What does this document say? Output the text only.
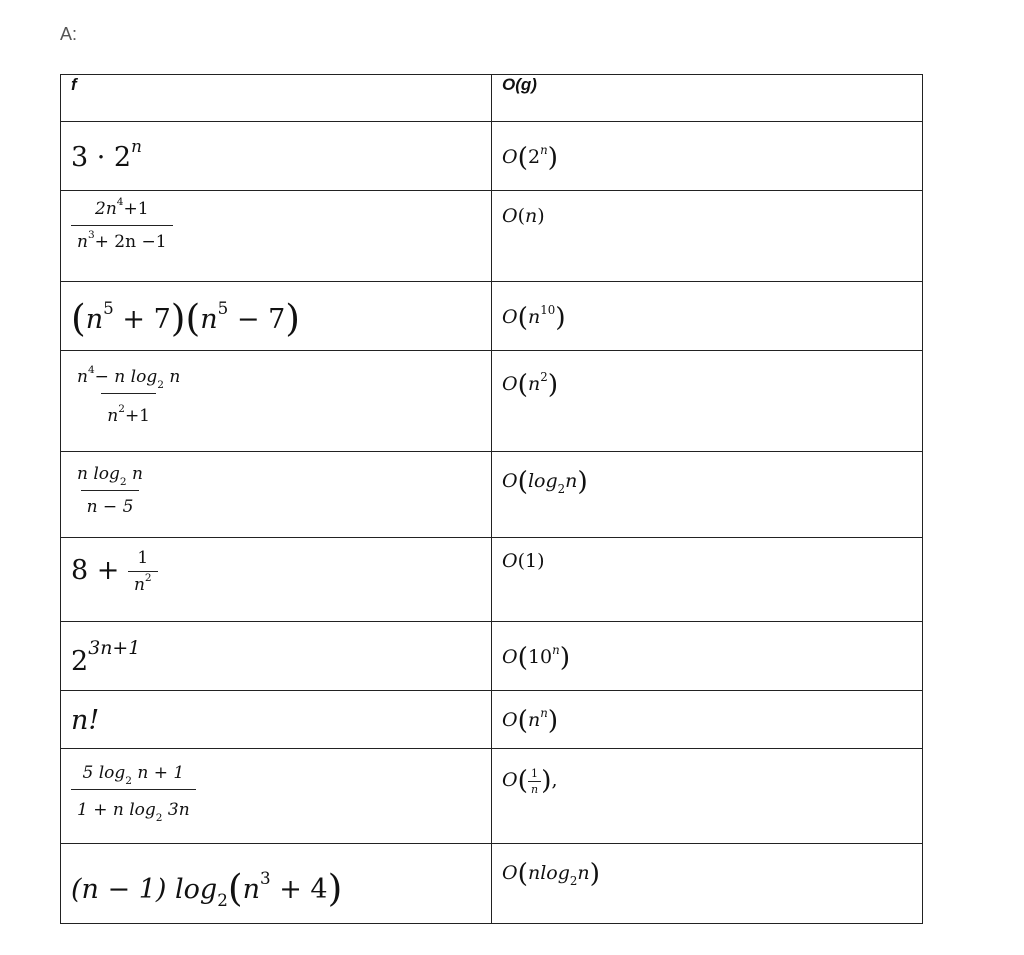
A:
f	O(g)

$3 \cdot 2^n$	O(2$^n$)

$\frac{2n^4+1}{n^3+ 2n -1}$	O(n)

$(n^5 + 7)(n^5 - 7)$	$O(n^{10})$

$\frac{n^4- n \log_2 n}{n^2+1}$	$O(n^2)$

$\frac{n \log_2 n}{n - 5}$	$O(\log_2n)$

$8 + \frac{1}{n^2}$	O(1)

$2^{3n+1}$	O(10$^n$)

n!	$O(n^n)$

$\frac{5 \log_2 n + 1}{1 + n \log_2 3n}$	$O( \frac{1}{n}$ ),

(n − 1) $\log_2(n^3 + 4)$	O(nlog$_2$n)
